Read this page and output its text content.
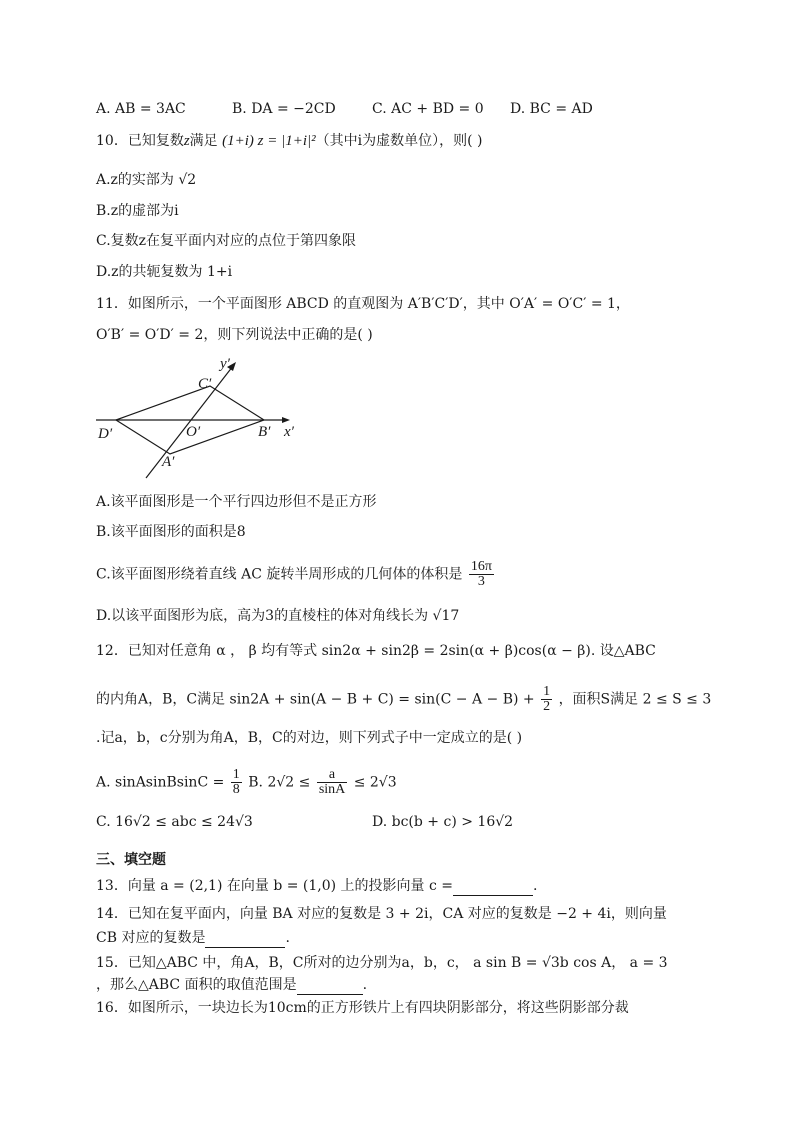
A. AB = 3AC	B. DA = −2CD	C. AC + BD = 0 D. BC = AD
10．已知复数z满足 (1+i) z = |1+i|²（其中i为虚数单位），则( )
A.z的实部为 √2
B.z的虚部为i
C.复数z在复平面内对应的点位于第四象限
D.z的共轭复数为 1+i
11．如图所示，一个平面图形 ABCD 的直观图为 A′B′C′D′，其中 O′A′ = O′C′ = 1，
O′B′ = O′D′ = 2，则下列说法中正确的是( )
y′
x′
C′
D′	O′	B′
A′
A.该平面图形是一个平行四边形但不是正方形
B.该平面图形的面积是8
C.该平面图形绕着直线 AC 旋转半周形成的几何体的体积是 $\frac{16\pi}{3}$
D.以该平面图形为底，高为3的直棱柱的体对角线长为 √17
12．已知对任意角 α ， β 均有等式 sin2α + sin2β = 2sin(α + β)cos(α − β). 设△ABC
的内角A，B，C满足 $\sin 2A + \sin(A - B + C) = \sin(C - A - B) + \frac{1}{2}$ ，面积S满足 2 ≤ S ≤ 3
.记a，b，c分别为角A，B，C的对边，则下列式子中一定成立的是( )
A. sinAsinBsinC = $\frac{1}{8} B$. $2√2 \le \frac{a}{\sin A} \le 2√3$
C. 16√2 ≤ abc ≤ 24√3	D. bc(b + c) > 16√2
三、填空题
13．向量 a = (2,1) 在向量 b = (1,0) 上的投影向量 c =	.
14．已知在复平面内，向量 BA 对应的复数是 3 + 2i，CA 对应的复数是 −2 + 4i，则向量
CB 对应的复数是	.
15．已知△ABC 中，角A，B，C所对的边分别为a，b，c， a sin B = √3b cos A， a = 3
，那么△ABC 面积的取值范围是	.
16．如图所示，一块边长为10cm的正方形铁片上有四块阴影部分，将这些阴影部分裁
